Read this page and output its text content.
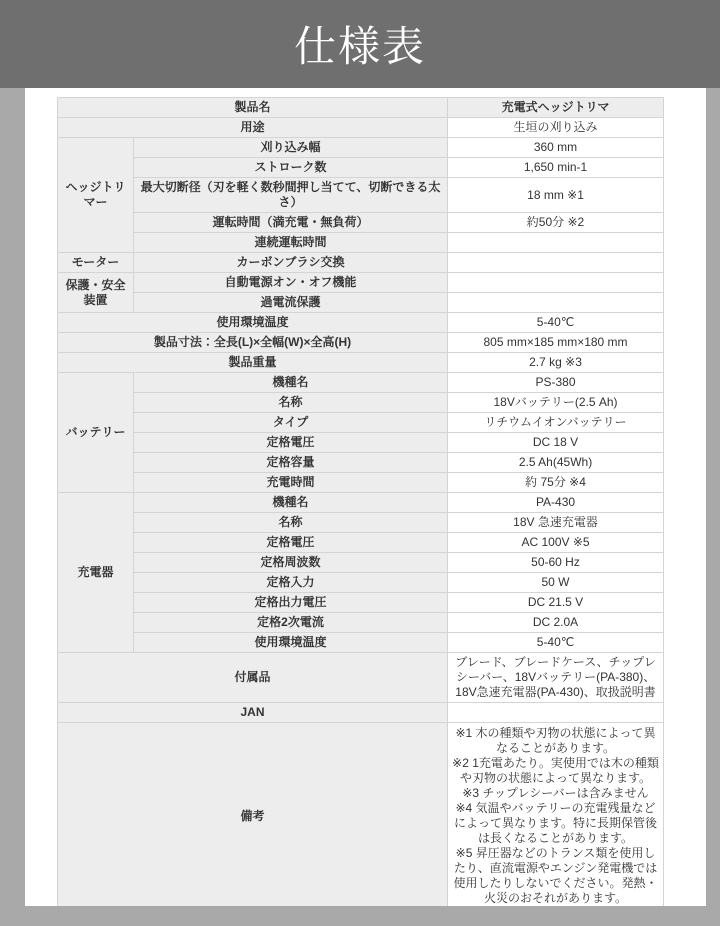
仕様表
製品名		充電式ヘッジトリマ
用途		生垣の刈り込み
ヘッジトリマー	刈り込み幅	360 mm
	ストローク数	1,650 min-1
	最大切断径（刃を軽く数秒間押し当てて、切断できる太さ）	18 mm ※1
	運転時間（満充電・無負荷）	約50分 ※2
	連続運転時間	
モーター	カーボンブラシ交換	
保護・安全装置	自動電源オン・オフ機能	
	過電流保護	
使用環境温度		5-40℃
製品寸法：全長(L)×全幅(W)×全高(H)		805 mm×185 mm×180 mm
製品重量		2.7 kg ※3
バッテリー	機種名	PS-380
	名称	18Vバッテリー(2.5 Ah)
	タイプ	リチウムイオンバッテリー
	定格電圧	DC 18 V
	定格容量	2.5 Ah(45Wh)
	充電時間	約 75分 ※4
充電器	機種名	PA-430
	名称	18V 急速充電器
	定格電圧	AC 100V ※5
	定格周波数	50-60 Hz
	定格入力	50 W
	定格出力電圧	DC 21.5 V
	定格2次電流	DC 2.0A
	使用環境温度	5-40℃
付属品		ブレード、ブレードケース、チップレシーバー、18Vバッテリー(PA-380)、18V急速充電器(PA-430)、取扱説明書
JAN		
備考		※1 木の種類や刃物の状態によって異なることがあります。
※2 1充電あたり。実使用では木の種類や刃物の状態によって異なります。
※3 チップレシーバーは含みません
※4 気温やバッテリーの充電残量などによって異なります。特に長期保管後は長くなることがあります。
※5 昇圧器などのトランス類を使用したり、直流電源やエンジン発電機では使用したりしないでください。発熱・火災のおそれがあります。
